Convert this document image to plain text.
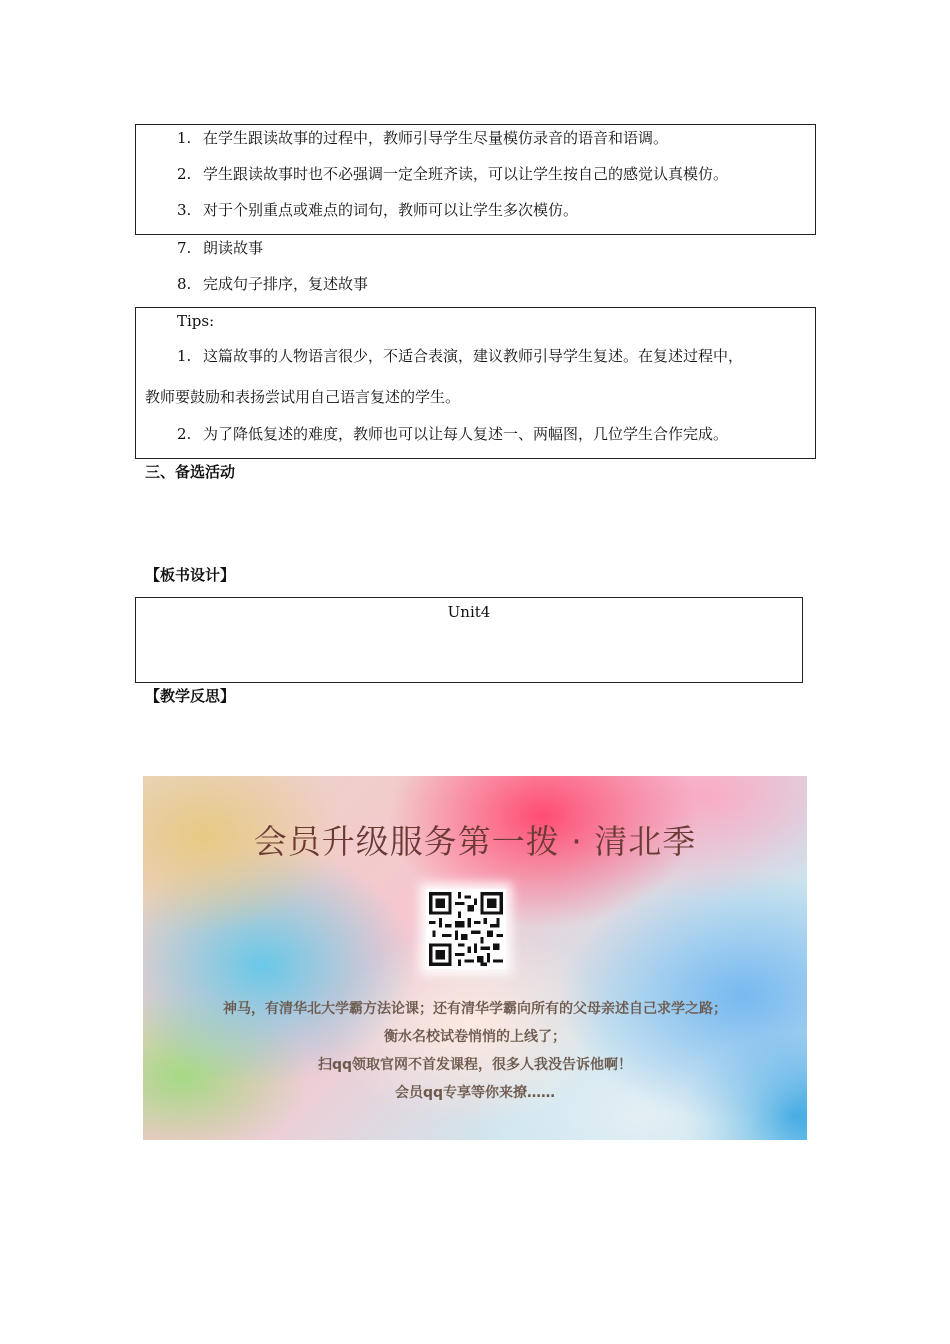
1. 在学生跟读故事的过程中，教师引导学生尽量模仿录音的语音和语调。
2. 学生跟读故事时也不必强调一定全班齐读，可以让学生按自己的感觉认真模仿。
3. 对于个别重点或难点的词句，教师可以让学生多次模仿。
7. 朗读故事
8. 完成句子排序，复述故事
Tips:
1. 这篇故事的人物语言很少，不适合表演，建议教师引导学生复述。在复述过程中，
教师要鼓励和表扬尝试用自己语言复述的学生。
2. 为了降低复述的难度，教师也可以让每人复述一、两幅图，几位学生合作完成。
三、备选活动
【板书设计】
Unit4
【教学反思】
会员升级服务第一拨 · 清北季
神马，有清华北大学霸方法论课；还有清华学霸向所有的父母亲述自己求学之路；
衡水名校试卷悄悄的上线了；
扫qq领取官网不首发课程，很多人我没告诉他啊！
会员qq专享等你来撩……
